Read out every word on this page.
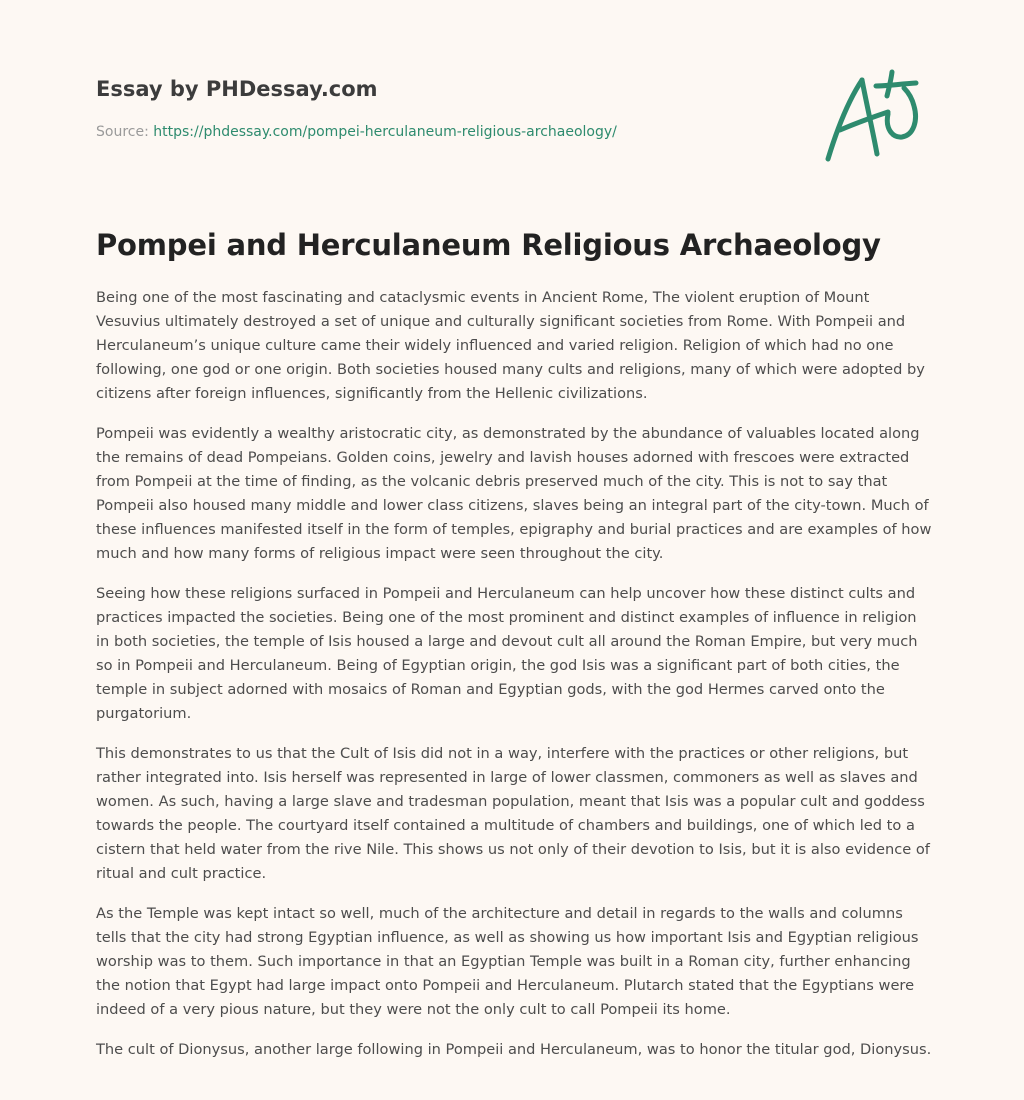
Essay by PHDessay.com
Source: https://phdessay.com/pompei-herculaneum-religious-archaeology/
Pompei and Herculaneum Religious Archaeology

Being one of the most fascinating and cataclysmic events in Ancient Rome, The violent eruption of Mount Vesuvius ultimately destroyed a set of unique and culturally significant societies from Rome. With Pompeii and Herculaneum’s unique culture came their widely influenced and varied religion. Religion of which had no one following, one god or one origin. Both societies housed many cults and religions, many of which were adopted by citizens after foreign influences, significantly from the Hellenic civilizations.

Pompeii was evidently a wealthy aristocratic city, as demonstrated by the abundance of valuables located along the remains of dead Pompeians. Golden coins, jewelry and lavish houses adorned with frescoes were extracted from Pompeii at the time of finding, as the volcanic debris preserved much of the city. This is not to say that Pompeii also housed many middle and lower class citizens, slaves being an integral part of the city-town. Much of these influences manifested itself in the form of temples, epigraphy and burial practices and are examples of how much and how many forms of religious impact were seen throughout the city.

Seeing how these religions surfaced in Pompeii and Herculaneum can help uncover how these distinct cults and practices impacted the societies. Being one of the most prominent and distinct examples of influence in religion in both societies, the temple of Isis housed a large and devout cult all around the Roman Empire, but very much so in Pompeii and Herculaneum. Being of Egyptian origin, the god Isis was a significant part of both cities, the temple in subject adorned with mosaics of Roman and Egyptian gods, with the god Hermes carved onto the purgatorium.

This demonstrates to us that the Cult of Isis did not in a way, interfere with the practices or other religions, but rather integrated into. Isis herself was represented in large of lower classmen, commoners as well as slaves and women. As such, having a large slave and tradesman population, meant that Isis was a popular cult and goddess towards the people. The courtyard itself contained a multitude of chambers and buildings, one of which led to a cistern that held water from the rive Nile. This shows us not only of their devotion to Isis, but it is also evidence of ritual and cult practice.

As the Temple was kept intact so well, much of the architecture and detail in regards to the walls and columns tells that the city had strong Egyptian influence, as well as showing us how important Isis and Egyptian religious worship was to them. Such importance in that an Egyptian Temple was built in a Roman city, further enhancing the notion that Egypt had large impact onto Pompeii and Herculaneum. Plutarch stated that the Egyptians were indeed of a very pious nature, but they were not the only cult to call Pompeii its home.

The cult of Dionysus, another large following in Pompeii and Herculaneum, was to honor the titular god, Dionysus.
